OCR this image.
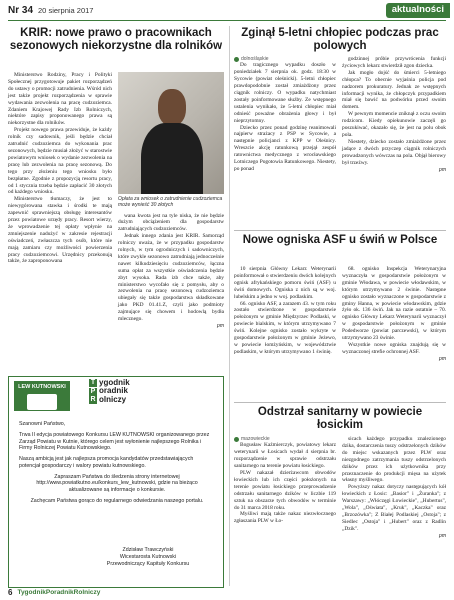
Nr 34 20 sierpnia 2017	aktualności
KRIR: nowe prawo o pracownikach sezonowych niekorzystne dla rolników

Ministerstwo Rodziny, Pracy i Polityki Społecznej przygotowuje pakiet rozporządzeń do ustawy o promocji zatrudnienia. Wśród nich jest także projekt rozporządzenia w sprawie wydawania zezwolenia na pracę cudzoziemca. Zdaniem Krajowej Rady Izb Rolniczych, niektóre zapisy proponowanego prawa są niekorzystne dla rolników.

Projekt nowego prawa przewiduje, że każdy rolnik czy sadownik, jeśli będzie chciał zatrudnić cudzoziemca do wykonania prac sezonowych, będzie musiał złożyć w starostwie powiatowym wniosek o wydanie zezwolenia na pracę lub zezwolenia na pracę sezonową. Do tego przy złożeniu tego wniosku było bezpłatne. Zgodnie z propozycją resortu pracy, od 1 stycznia trzeba będzie zapłacić 30 złotych od każdego wniosku.

Ministerstwo tłumaczy, że jest to niewygórowana stawka i środki te mają zapewnić sprawniejszą obsługę interesantów przez powiatowe urzędy pracy. Resort wierzy, że wprowadzenie tej opłaty wpłynie na zmniejszenie nadużyć w zakresie rejestracji oświadczeń, zwłaszcza tych osób, które nie mają zamiaru czy możliwości powierzenia pracy cudzoziemcowi. Urzędnicy przekonują także, że zaproponowana

Opłata za wniosek o zatrudnienie cudzoziemca może wynieść 30 złotych

wana kwota jest na tyle niska, że nie będzie dużym obciążeniem dla gospodarstw zatrudniających cudzoziemców.

Jednak innego zdania jest KRIR. Samorząd rolniczy uważa, że w przypadku gospodarstw rolnych, w tym ogrodniczych i sadowniczych, które zwykle sezonowo zatrudniają jednocześnie nawet kilkudziesięciu cudzoziemców, łączna suma opłat za wszystkie oświadczenia będzie zbyt wysoka. Rada izb chce także, aby ministerstwo wycofało się z pomysłu, aby o zezwolenia na pracę sezonową cudzoziemca ubiegały się także gospodarstwa składkowane jako PKD 01.41.Z, czyli jako podmioty zajmujące się chowem i hodowlą bydła mlecznego.

pm

Zginął 5-letni chłopiec podczas prac polowych
dolnośląskie

Do tragicznego wypadku doszło w poniedziałek 7 sierpnia ok. godz. 18:30 w Sycowie (powiat oleśnicki). 5-letni chłopiec prawdopodobnie został zmiażdżony przez ciągnik rolniczy. O wypadku natychmiast zostały poinformowane służby. Ze wstępnego ustalenia wynikało, że 5-letni chłopiec miał odnieść poważne obrażenia głowy i był nieprzytomny.

Dziecko przez ponad godzinę reanimowali najpierw strażacy z PSP w Sycowie, a następnie policjanci z KPP w Oleśnicy. Wreszcie akcję ratunkową przejął zespół ratownictwa medycznego z wrocławskiego Lotniczego Pogotowia Ratunkowego. Niestety, po ponad

godzinnej próbie przywrócenia funkcji życiowych lekarz stwierdził zgon dziecka.

Jak mogło dojść do śmierci 5-letniego chłopca? To obecnie wyjaśnia policja pod nadzorem prokuratury. Jednak ze wstępnych informacji wynika, że chłopczyk przypadkiem miał się bawić na podwórku przed swoim domem.

W pewnym momencie zniknął z oczu swoim rodzicom. Kiedy opiekunowie zaczęli go poszukiwać, okazało się, że jest na polu obok pola.

Niestety, dziecko zostało zmiażdżone przez jadące z dwóch przyczep ciągnik rolniczych prowadzonych wówczas na pola. Objął bierowy był trzeźwy.

pm

Nowe ogniska ASF u świń w Polsce

10 sierpnia Główny Lekarz Weterynarii poinformował o stwierdzeniu dwóch kolejnych ognisk afrykańskiego pomoru świń (ASF) u świń domowych. Ogniska z nich są w woj. lubelskim a jedno w woj. podlaskim.

66. ognisko ASF, a zarazem 43. w tym roku zostało stwierdzone w gospodarstwie położonym w gminie Międzyrzec Podlaski, w powiecie bialskim, w którym utrzymywano 7 świń. Kolejne ognisko zostało wykryte w gospodarstwie położonym w gminie Jeżewo, w powiecie łomżyńskim, w województwie podlaskim, w którym utrzymywano 1 świnię.

68. ognisko Inspekcja Weterynaryjna wyznaczyła w gospodarstwie położonym w gminie Włodawa, w powiecie włodawskim, w którym utrzymywano 2 świnie. Następne ognisko zostało wyznaczone w gospodarstwie z gminy Hanna, w powiecie włodawskim, gdzie żyło ok. 136 świń. Jak na razie ostatnie – 70. ognisko Główny Lekarz Weterynarii wyznaczył w gospodarstwie położonym w gminie Podedworze (powiat parczewski), w którym utrzymywano 23 świnie.

Wszystkie nowe ogniska znajdują się w wyznaczonej strefie ochronnej ASF.

pm

Odstrzał sanitarny w powiecie łosickim
mazowieckie

Bogusław Kaźmierczyk, powiatowy lekarz weterynarii w Łosicach wydał 4 sierpnia br. rozporządzenie w sprawie odstrzału sanitarnego na terenie powiatu łosickiego.

PLW nakazał dzierżawcom obwodów łowieckich lub ich części położonych na terenie powiatu łosickiego przeprowadzenie odstrzału sanitarnego dzików w liczbie 119 sztuk na obszarze tych obwodów w terminie do 31 marca 2018 roku.

Myśliwi mają także nakaz niezwłocznego zgłaszania PLW w Ło-

sicach każdego przypadku znalezionego dzika, dostarczenia tuszy odstrzelonych dzików do miejsc wskazanych przez PLW oraz niezgodnego zatrzymania tuszy odstrzelonych dzików przez ich użytkownika przy przeznaczenie do produkcji mięsa na użytek własny myśliwego.

Powyższy nakaz dotyczy następujących kół łowieckich z Łosic: „Basior" i „Żuranka"; z Warszawy: „Włóczęgi Łowieckie", „Hubertus", „Wola", „Oświata", „Kruk", „Kaczka" oraz „Brzozówka"; Z Białej Podlaskiej „Ostoja"; z Siedlec „Ostoja" i „Hubert" oraz z Radlin „Dzik".

pm

LEW KUTNOWSKI
T ygodnik
P oradnik
R olniczy

Szanowni Państwo,

Trwa II edycja powiatowego Konkursu LEW KUTNOWSKI organizowanego przez Zarząd Powiatu w Kutnie, którego celem jest wyłonienie najlepszego Rolnika i Firmy Rolniczej Powiatu Kutnowskiego.

Naszą ambicją jest jak najlepsza promocja kandydatów przedstawiających potencjał gospodarczy i walory powiatu kutnowskiego.

Zapraszam Państwa do śledzenia strony internetowej http://www.powiatkutno.eu/konkurs_lew_kutnowski, gdzie na bieżąco aktualizowane są informacje o konkursie.

Zachęcam Państwa gorąco do regularnego odwiedzania naszego portalu.

Zdzisław Trawczyński
Wicestarosta Kutnowski
Przewodniczący Kapituły Konkursu
6 TygodnikPoradnikRolniczy
